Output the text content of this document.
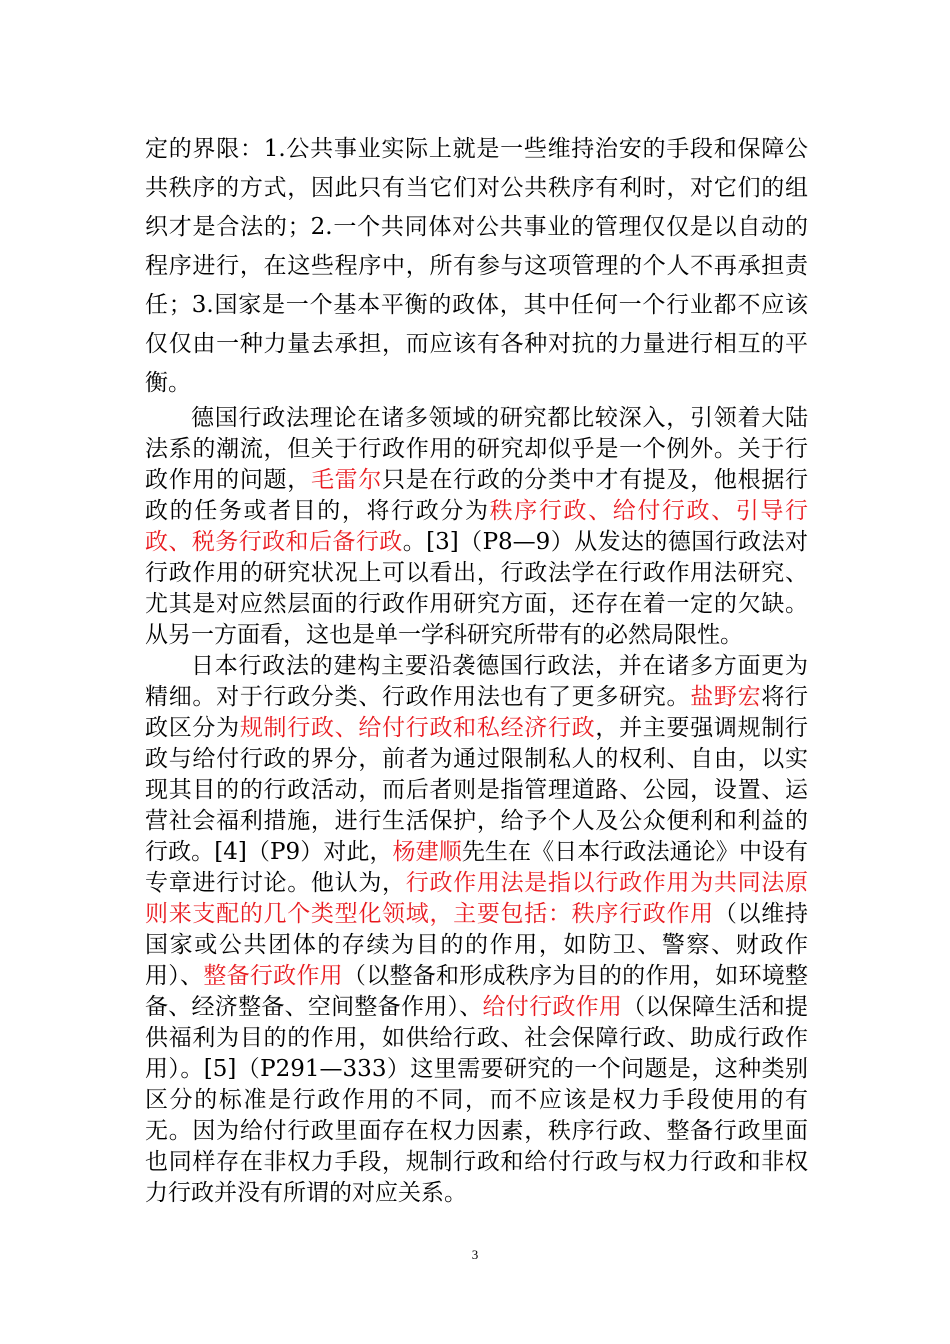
定的界限：1.公共事业实际上就是一些维持治安的手段和保障公共秩序的方式，因此只有当它们对公共秩序有利时，对它们的组织才是合法的；2.一个共同体对公共事业的管理仅仅是以自动的程序进行，在这些程序中，所有参与这项管理的个人不再承担责任；3.国家是一个基本平衡的政体，其中任何一个行业都不应该仅仅由一种力量去承担，而应该有各种对抗的力量进行相互的平衡。

德国行政法理论在诸多领域的研究都比较深入，引领着大陆法系的潮流，但关于行政作用的研究却似乎是一个例外。关于行政作用的问题，毛雷尔只是在行政的分类中才有提及，他根据行政的任务或者目的，将行政分为秩序行政、给付行政、引导行政、税务行政和后备行政。[3]（P8—9）从发达的德国行政法对行政作用的研究状况上可以看出，行政法学在行政作用法研究、尤其是对应然层面的行政作用研究方面，还存在着一定的欠缺。从另一方面看，这也是单一学科研究所带有的必然局限性。

日本行政法的建构主要沿袭德国行政法，并在诸多方面更为精细。对于行政分类、行政作用法也有了更多研究。盐野宏将行政区分为规制行政、给付行政和私经济行政，并主要强调规制行政与给付行政的界分，前者为通过限制私人的权利、自由，以实现其目的的行政活动，而后者则是指管理道路、公园，设置、运营社会福利措施，进行生活保护，给予个人及公众便利和利益的行政。[4]（P9）对此，杨建顺先生在《日本行政法通论》中设有专章进行讨论。他认为，行政作用法是指以行政作用为共同法原则来支配的几个类型化领域，主要包括：秩序行政作用（以维持国家或公共团体的存续为目的的作用，如防卫、警察、财政作用）、整备行政作用（以整备和形成秩序为目的的作用，如环境整备、经济整备、空间整备作用）、给付行政作用（以保障生活和提供福利为目的的作用，如供给行政、社会保障行政、助成行政作用）。[5]（P291—333）这里需要研究的一个问题是，这种类别区分的标准是行政作用的不同，而不应该是权力手段使用的有无。因为给付行政里面存在权力因素，秩序行政、整备行政里面也同样存在非权力手段，规制行政和给付行政与权力行政和非权力行政并没有所谓的对应关系。

3
